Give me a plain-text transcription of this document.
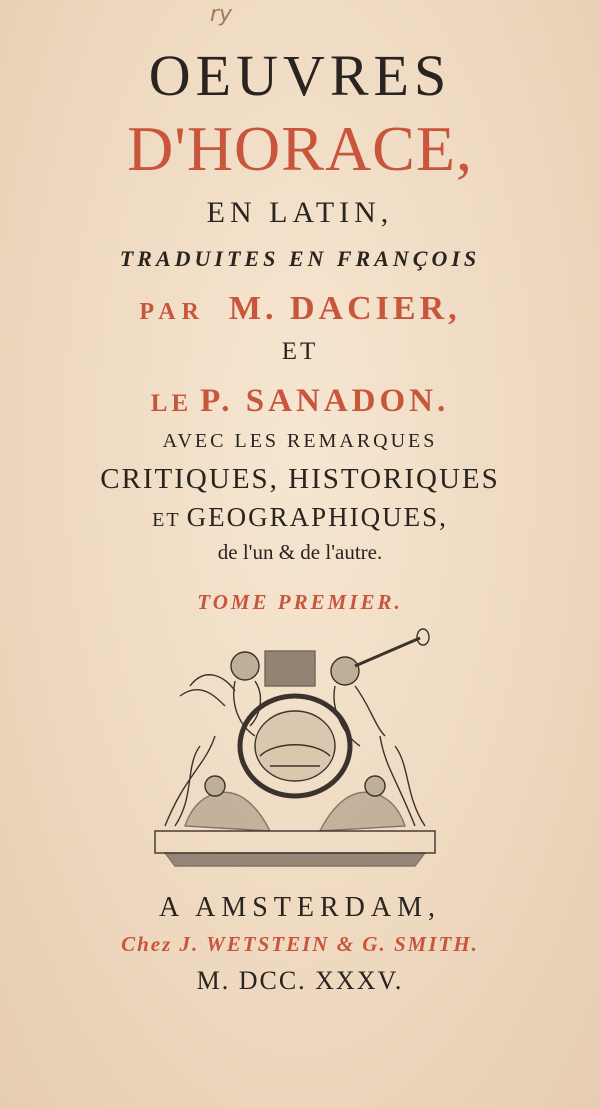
ry
OEUVRES
D'HORACE,
EN LATIN,
TRADUITES EN FRANÇOIS
PAR M. DACIER,
ET
LE P. SANADON.
AVEC LES REMARQUES
CRITIQUES, HISTORIQUES
ET GEOGRAPHIQUES,
de l'un & de l'autre.
TOME PREMIER.
A AMSTERDAM,
Chez J. WETSTEIN & G. SMITH.
M. DCC. XXXV.
